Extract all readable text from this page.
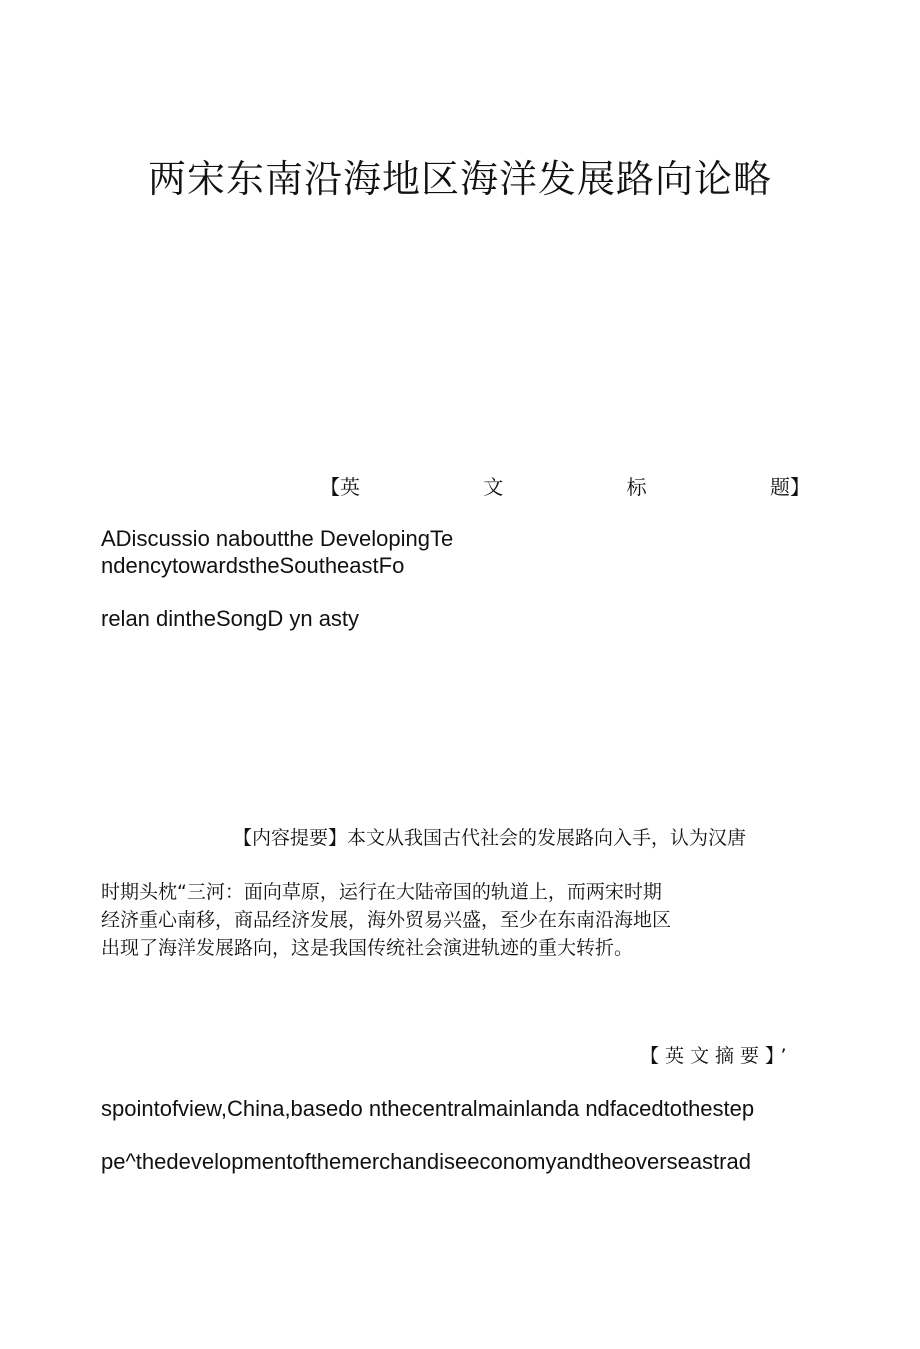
两宋东南沿海地区海洋发展路向论略
【英	文	标	题】
ADiscussio naboutthe DevelopingTe
ndencytowardstheSoutheastFo
relan dintheSongD yn asty
【内容提要】本文从我国古代社会的发展路向入手，认为汉唐
时期头枕“三河：面向草原，运行在大陆帝国的轨道上，而两宋时期
经济重心南移，商品经济发展，海外贸易兴盛，至少在东南沿海地区
出现了海洋发展路向，这是我国传统社会演进轨迹的重大转折。
【英文摘要】’
spointofview,China,basedo nthecentralmainlanda ndfacedtothestep
pe^thedevelopmentofthemerchandiseeconomyandtheoverseastrad
